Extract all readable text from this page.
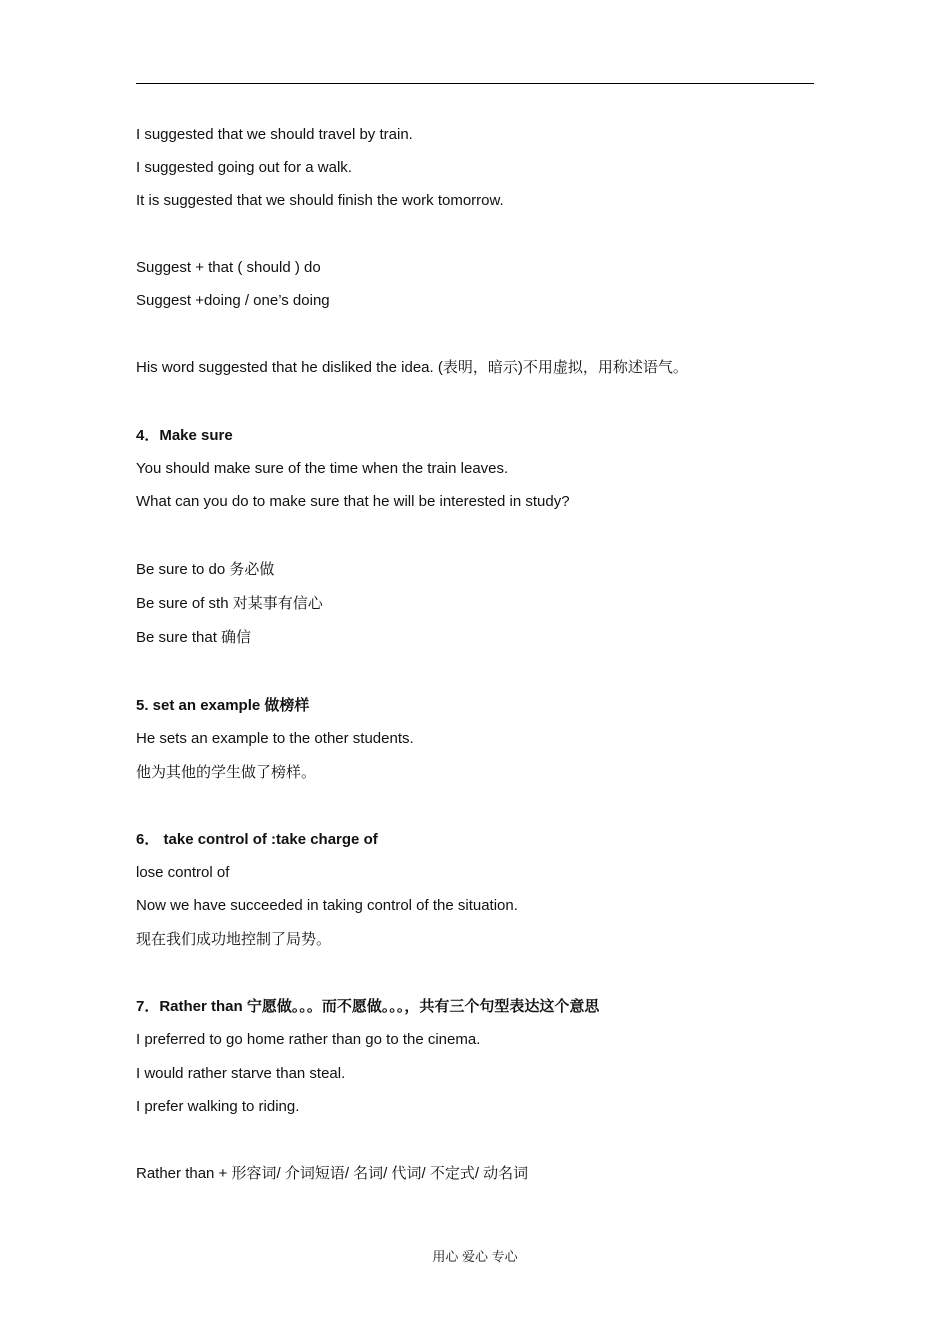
I suggested that we should travel by train.
I suggested going out for a walk.
It is suggested that we should finish the work tomorrow.
Suggest + that ( should ) do
Suggest +doing / one’s doing
His word suggested that he disliked the idea. (表明，暗示)不用虚拟，用称述语气。
4．Make sure
You should make sure of the time when the train leaves.
What can you do to make sure that he will be interested in study?
Be sure to do 务必做
Be sure of sth 对某事有信心
Be sure that 确信
5. set an example 做榜样
He sets an example to the other students.
他为其他的学生做了榜样。
6． take control of :take charge of
lose control of
Now we have succeeded in taking control of the situation.
现在我们成功地控制了局势。
7．Rather than 宁愿做。。。而不愿做。。。，共有三个句型表达这个意思
I preferred to go home rather than go to the cinema.
I would rather starve than steal.
I prefer walking to riding.
Rather than + 形容词/ 介词短语/ 名词/ 代词/ 不定式/ 动名词
用心 爱心 专心
